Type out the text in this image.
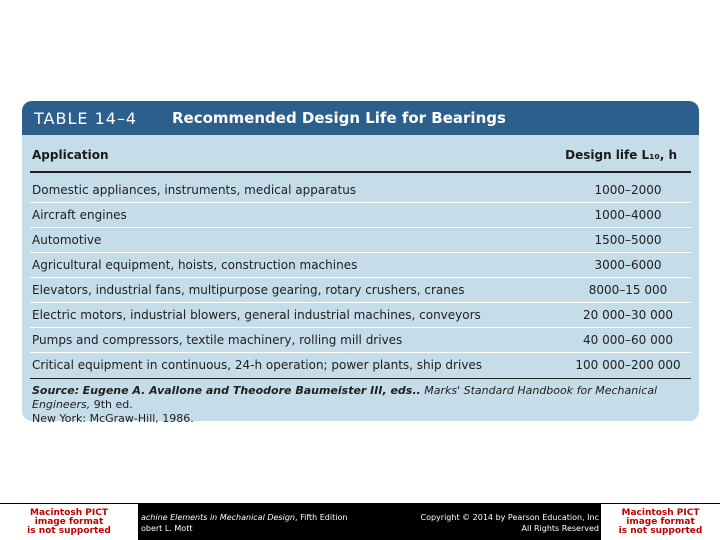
TABLE 14–4 Recommended Design Life for Bearings
Application	Design life L₁₀, h
Domestic appliances, instruments, medical apparatus	1000–2000
Aircraft engines	1000–4000
Automotive	1500–5000
Agricultural equipment, hoists, construction machines	3000–6000
Elevators, industrial fans, multipurpose gearing, rotary crushers, cranes	8000–15 000
Electric motors, industrial blowers, general industrial machines, conveyors	20 000–30 000
Pumps and compressors, textile machinery, rolling mill drives	40 000–60 000
Critical equipment in continuous, 24-h operation; power plants, ship drives	100 000–200 000
Source: Eugene A. Avallone and Theodore Baumeister III, eds.. Marks' Standard Handbook for Mechanical Engineers, 9th ed.
New York: McGraw-Hill, 1986.
Macintosh PICT
image format
is not supported
achine Elements in Mechanical Design, Fifth Edition
obert L. Mott
Copyright © 2014 by Pearson Education, Inc
All Rights Reserved
Macintosh PICT
image format
is not supported
